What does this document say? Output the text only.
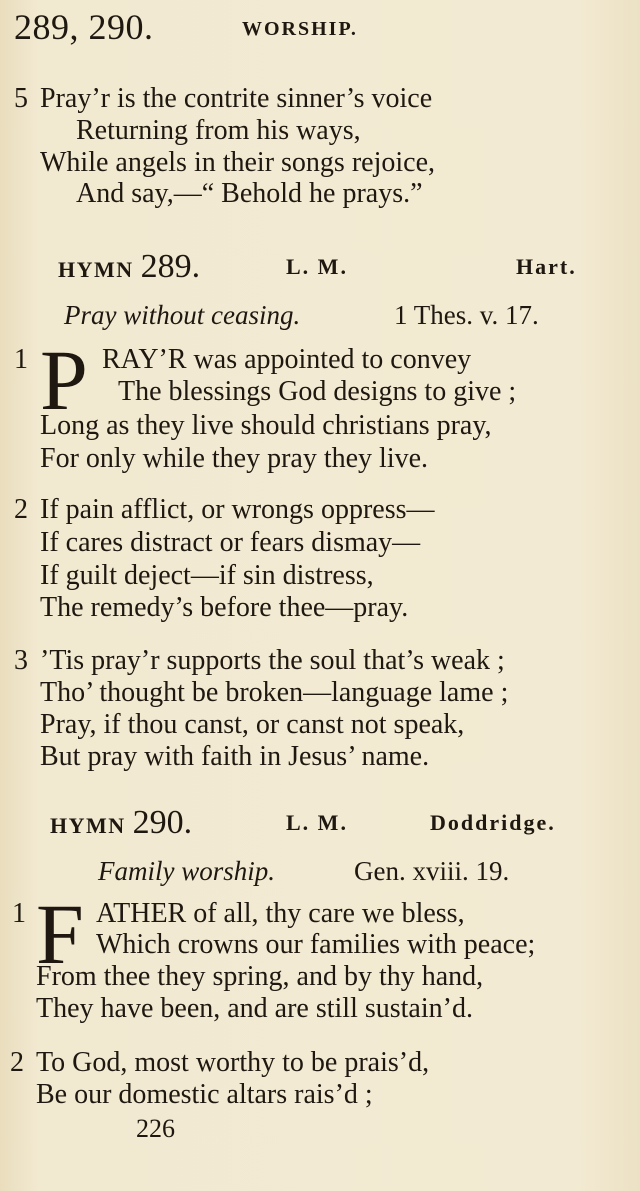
289, 290.	WORSHIP.
5 Pray’r is the contrite sinner’s voice
Returning from his ways,
While angels in their songs rejoice,
And say,—“ Behold he prays.”
HYMN 289.	L. M.	Hart.
Pray without ceasing.	1 Thes. v. 17.
1 P RAY’R was appointed to convey
The blessings God designs to give ;
Long as they live should christians pray,
For only while they pray they live.
2 If pain afflict, or wrongs oppress—
If cares distract or fears dismay—
If guilt deject—if sin distress,
The remedy’s before thee—pray.
3 ’Tis pray’r supports the soul that’s weak ;
Tho’ thought be broken—language lame ;
Pray, if thou canst, or canst not speak,
But pray with faith in Jesus’ name.
HYMN 290.	L. M.	Doddridge.
Family worship.	Gen. xviii. 19.
1 F ATHER of all, thy care we bless,
Which crowns our families with peace;
From thee they spring, and by thy hand,
They have been, and are still sustain’d.
2 To God, most worthy to be prais’d,
Be our domestic altars rais’d ;
226
